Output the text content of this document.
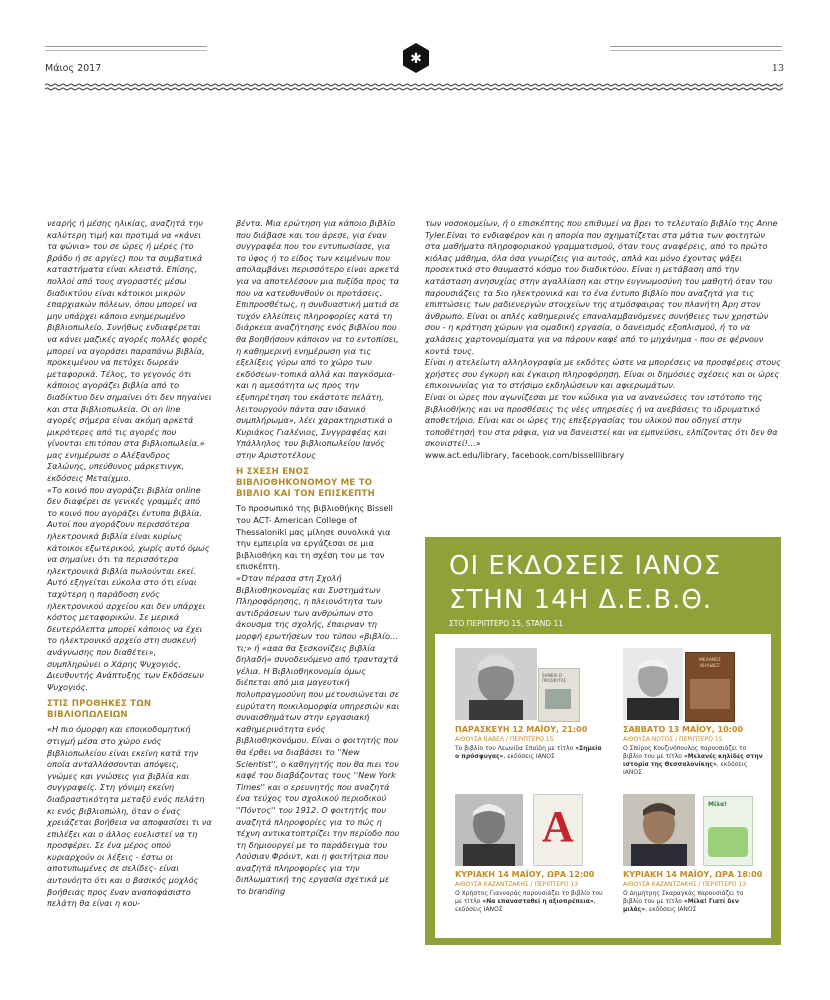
✱
Μάιος 2017	13

νεαρής ή μέσης ηλικίας, αναζητά την καλύτερη τιμή και προτιμά να «κάνει τα ψώνια» του σε ώρες ή μέρες (το βράδυ ή σε αργίες) που τα συμβατικά καταστήματα είναι κλειστά. Επίσης, πολλοί από τους αγοραστές μέσω διαδικτύου είναι κάτοικοι μικρών επαρχιακών πόλεων, όπου μπορεί να μην υπάρχει κάποιο ενημερωμένο βιβλιοπωλείο. Συνήθως ενδιαφέρεται να κάνει μαζικές αγορές πολλές φορές μπορεί να αγοράσει παραπάνω βιβλία, προκειμένου να πετύχει δωρεάν μεταφορικά. Τέλος, το γεγονός ότι κάποιος αγοράζει βιβλία από το διαδίκτυο δεν σημαίνει ότι δεν πηγαίνει και στα βιβλιοπωλεία. Οι on line αγορές σήμερα είναι ακόμη αρκετά μικρότερες από τις αγορές που γίνονται επιτόπου στα βιβλιοπωλεία.» μας ενημέρωσε ο Αλέξανδρος Σαλώνης, υπεύθυνος μάρκετινγκ, εκδόσεις Μεταίχμιο.

«Το κοινό που αγοράζει βιβλία online δεν διαφέρει σε γενικές γραμμές από το κοινό που αγοράζει έντυπα βιβλία. Αυτοί που αγοράζουν περισσότερα ηλεκτρονικά βιβλία είναι κυρίως κάτοικοι εξωτερικού, χωρίς αυτό όμως να σημαίνει ότι τα περισσότερα ηλεκτρονικά βιβλία πωλούνται εκεί. Αυτό εξηγείται εύκολα στο ότι είναι ταχύτερη η παράδοση ενός ηλεκτρονικού αρχείου και δεν υπάρχει κόστος μεταφορικών. Σε μερικά δευτερόλεπτα μπορεί κάποιος να έχει το ηλεκτρονικό αρχείο στη συσκευή ανάγνωσης που διαθέτει», συμπληρώνει ο Χάρης Ψυχογιός, Διευθυντής Ανάπτυξης των Εκδόσεων Ψυχογιός.

ΣΤΙΣ ΠΡΟΘΗΚΕΣ ΤΩΝ ΒΙΒΛΙΟΠΩΛΕΙΩΝ

«Η πιο όμορφη και εποικοδομητική στιγμή μέσα στο χώρο ενός βιβλιοπωλείου είναι εκείνη κατά την οποία ανταλλάσσονται απόψεις, γνώμες και γνώσεις για βιβλία και συγγραφείς. Στη γόνιμη εκείνη διαδραστικότητα μεταξύ ενός πελάτη κι ενός βιβλιοπώλη, όταν ο ένας χρειάζεται βοήθεια να αποφασίσει τι να επιλέξει και ο άλλος ευελιστεί να τη προσφέρει. Σε ένα μέρος οπού κυριαρχούν οι λέξεις - έστω οι αποτυπωμένες σε σελίδες- είναι αυτονόητο ότι και ο βασικός μοχλός βοήθειας προς έναν αναποφάσιστο πελάτη θα είναι η κου-

βέντα. Μια ερώτηση για κάποιο βιβλίο που διάβασε και του άρεσε, για έναν συγγραφέα που τον εντυπωσίασε, για το ύφος ή το είδος των κειμένων που απολαμβάνει περισσότερο είναι αρκετά για να αποτελέσουν μια πυξίδα προς τα που να κατευθυνθούν οι προτάσεις. Επιπροσθέτως, η συνδυαστική ματιά σε τυχόν ελλείπεις πληροφορίες κατά τη διάρκεια αναζήτησης ενός βιβλίου που θα βοηθήσουν κάποιον να το εντοπίσει, η καθημερινή ενημέρωση για τις εξελίξεις γύρω από το χώρο των εκδόσεων-τοπικά αλλά και παγκόσμια- και η αμεσότητα ως προς την εξυπηρέτηση του εκάστοτε πελάτη, λειτουργούν πάντα σαν ιδανικό συμπλήρωμα», λέει χαρακτηριστικά ο Κυριάκος Γιαλένιος, Συγγραφέας και Υπάλληλος του βιβλιοπωλείου Ιανός στην Αριστοτέλους

Η ΣΧΕΣΗ ΕΝΟΣ ΒΙΒΛΙΟΘΗΚΟΝΟΜΟΥ ΜΕ ΤΟ ΒΙΒΛΙΟ ΚΑΙ ΤΟΝ ΕΠΙΣΚΕΠΤΗ

Το προσωπικό της βιβλιοθήκης Bissell του ACT- American College of Thessaloniki μας μίλησε συνολικά για την εμπειρία να εργάζεσαι σε μια βιβλιοθήκη και τη σχέση του με τον επισκέπτη.

«Όταν πέρασα στη Σχολή Βιβλιοθηκονομίας και Συστημάτων Πληροφόρησης, η πλειονότητα των αντιδράσεων των ανθρώπων στο άκουσμα της σχολής, έπαιρναν τη μορφή ερωτήσεων του τύπου «βιβλίο…τι;» ή «ααα θα ξεσκονίζεις βιβλία δηλαδή» συνοδευόμενο από τρανταχτά γέλια. Η Βιβλιοθηκονομία όμως διέπεται από μια μαγευτική πολυπραγμοσύνη που μετουσιώνεται σε ευρύτατη ποικιλομορφία υπηρεσιών και συναισθημάτων στην εργασιακή καθημερινότητα ενός βιβλιοθηκονόμου. Είναι ο φοιτητής που θα έρθει να διαβάσει το ''New Scientist'', ο καθηγητής που θα πιει τον καφέ του διαβάζοντας τους ''New York Times'' και ο ερευνητής που αναζητά ένα τεύχος του σχολικού περιοδικού ''Πόντος'' του 1912. Ο φοιτητής που αναζητά πληροφορίες για το πώς η τέχνη αντικατοπτρίζει την περίοδο που τη δημιουργεί με το παράδειγμα του Λούσιαν Φρόιντ, και η φοιτήτρια που αναζητά πληροφορίες για την διπλωματική της εργασία σχετικά με το branding

των νοσοκομείων, ή ο επισκέπτης που επιθυμεί να βρει το τελευταίο βιβλίο της Anne Tyler.Είναι το ενδιαφέρον και η απορία που σχηματίζεται στα μάτια των φοιτητών στα μαθήματα πληροφοριακού γραμματισμού, όταν τους αναφέρεις, από το πρώτο κιόλας μάθημα, όλα όσα γνωρίζεις για αυτούς, απλά και μόνο έχοντας ψάξει προσεκτικά στο θαυμαστό κόσμο του διαδικτύου. Είναι η μετάβαση από την κατάσταση ανησυχίας στην αγαλλίαση και στην ευγνωμοσύνη του μαθητή όταν του παρουσιάζεις τα 5ιο ηλεκτρονικά και το ένα έντυπο βιβλίο που αναζητά για τις επιπτώσεις των ραδιενεργών στοιχείων της ατμόσφαιρας του πλανήτη Άρη στον άνθρωπο. Είναι οι απλές καθημερινές επαναλαμβανόμενες συνήθειες των χρηστών σου - η κράτηση χώρων για ομαδική εργασία, ο δανεισμός εξοπλισμού, ή το να χαλάσεις χαρτονομίσματα για να πάρουν καφέ από το μηχάνημα - που σε φέρνουν κοντά τους.

Είναι η ατελείωτη αλληλογραφία με εκδότες ώστε να μπορέσεις να προσφέρεις στους χρήστες σου έγκυρη και έγκαιρη πληροφόρηση. Είναι οι δημόσιες σχέσεις και οι ώρες επικοινωνίας για το στήσιμο εκδηλώσεων και αφιερωμάτων.

Είναι οι ώρες που αγωνίζεσαι με τον κώδικα για να ανανεώσεις τον ιστότοπο της βιβλιοθήκης και να προσθέσεις τις νέες υπηρεσίες ή να ανεβάσεις το ιδρυματικό αποθετήριο. Είναι και οι ώρες της επεξεργασίας του υλικού που οδηγεί στην τοποθέτησή του στα ράφια, για να δανειστεί και να εμπνεύσει, ελπίζοντας ότι δεν θα σκονιστεί!...»

www.act.edu/library, facebook.com/bisselllibrary

ΟΙ ΕΚΔΟΣΕΙΣ ΙΑΝΟΣ
ΣΤΗΝ 14Η Δ.Ε.Β.Θ.
ΣΤΟ ΠΕΡΙΠΤΕΡΟ 15, STAND 11
ΣΗΜΕΙΑ Ο ΠΡΟΣΦΥΓΑΣ
ΠΑΡΑΣΚΕΥΗ 12 ΜΑΪΟΥ, 21:00
ΑΙΘΟΥΣΑ ΒΑΒΕΛ / ΠΕΡΙΠΤΕΡΟ 15
Το βιβλίο του Λεωνίδα Σπαϊδη με τίτλο «Σημεία ο πρόσφυγας», εκδόσεις ΙΑΝΟΣ
ΜΕΛΑΝΕΣ ΚΗΛΙΔΕΣ
ΣΑΒΒΑΤΟ 13 ΜΑΪΟΥ, 10:00
ΑΙΘΟΥΣΑ ΝΟΤΟΣ / ΠΕΡΙΠΤΕΡΟ 15
Ο Σπύρος Κουζινόπουλος παρουσιάζει το βιβλίο του με τίτλο «Μελανές κηλίδες στην ιστορία της Θεσσαλονίκης», εκδόσεις ΙΑΝΟΣ
Α
ΚΥΡΙΑΚΗ 14 ΜΑΪΟΥ, ΩΡΑ 12:00
ΑΙΘΟΥΣΑ ΚΑΖΑΝΤΖΑΚΗΣ / ΠΕΡΙΠΤΕΡΟ 13
Ο Χρήστος Γιανναράς παρουσιάζει το βιβλίο του με τίτλο «Να επανασταθεί η αξιοπρέπεια», εκδόσεις ΙΑΝΟΣ
Μίλα!
ΚΥΡΙΑΚΗ 14 ΜΑΪΟΥ, ΩΡΑ 18:00
ΑΙΘΟΥΣΑ ΚΑΖΑΝΤΖΑΚΗΣ / ΠΕΡΙΠΤΕΡΟ 13
Ο Δημήτρης Σκαραγκάς παρουσιάζει το βιβλίο του με τίτλο «Μίλα! Γιατί δεν μιλάς», εκδόσεις ΙΑΝΟΣ
